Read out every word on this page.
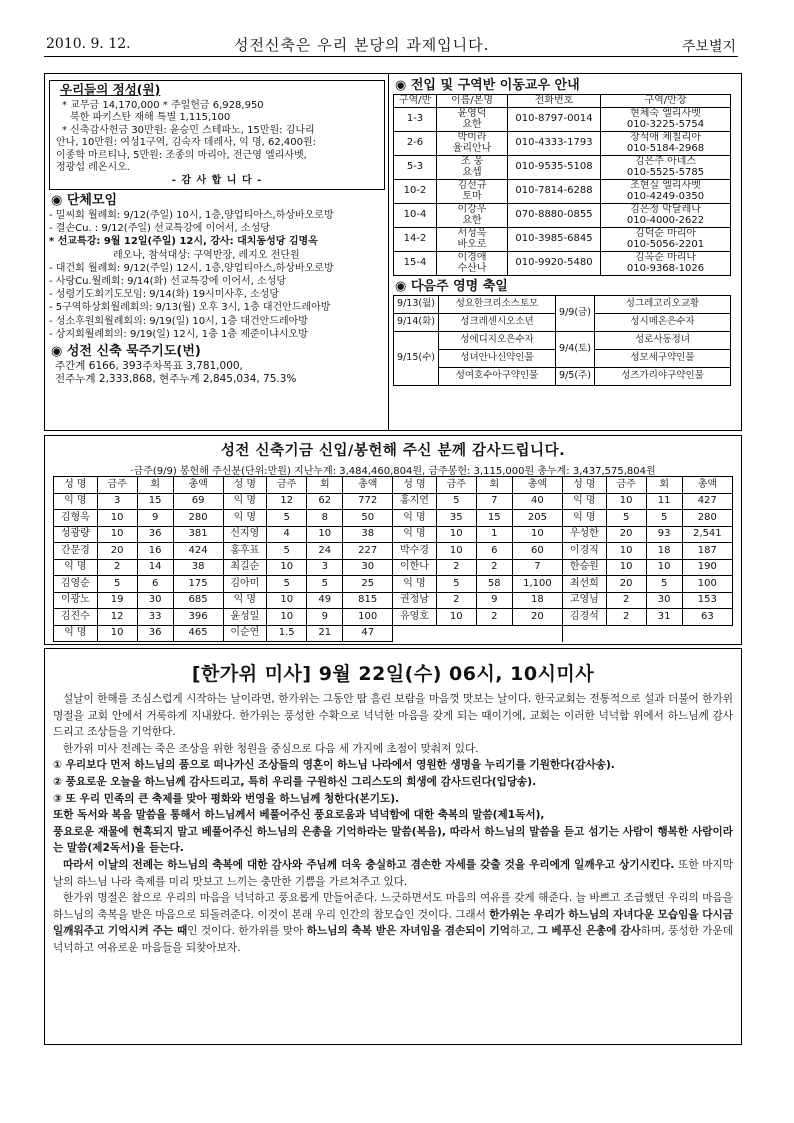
2010. 9. 12.	성전신축은 우리 본당의 과제입니다.	주보별지
우리들의 정성(원)
* 교무금 14,170,000 * 주일헌금 6,928,950
북한 파키스탄 재해 특별 1,115,100
* 신축감사헌금 30만원: 윤승민 스테파노, 15만원: 김나리
안나, 10만원: 여성1구역, 김숙자 데레사, 익 명, 62,400원:
이종학 마르티나, 5만원: 조종의 마리아, 전근영 엘리사벳,
정광섭 레온시오.
- 감 사 합 니 다 -
◉ 단체모임
- 밀씨회 월례회: 9/12(주일) 10시, 1층,양업티아스,하상바오로방
- 결손Cu. : 9/12(주일) 선교특강에 이어서, 소성당
* 선교특강: 9월 12일(주일) 12시, 강사: 대치동성당 김명옥
레오나, 참석대상: 구역반장, 레지오 전단원
- 대건회 월례회: 9/12(주일) 12시, 1층,양업티아스,하상바오로방
- 사랑Cu.월례회: 9/14(화) 선교특강에 이어서, 소성당
- 성령기도회기도모임: 9/14(화) 19시미사후, 소성당
- 5구역하상회월례회의: 9/13(월) 오후 3시, 1층 대건안드레아방
- 성소후원회월례회의: 9/19(일) 10시, 1층 대건안드레아방
- 상지회월례회의: 9/19(일) 12시, 1층 1층 제준이냐시오방
◉ 성전 신축 묵주기도(번)
주간계 6166, 393주차목표 3,781,000,
전주누계 2,333,868, 현주누계 2,845,034, 75.3%
◉ 전입 및 구역반 이동교우 안내
구역/반	이름/본명	전화번호	구역/반장
1-3	윤영덕
요한	010-8797-0014	현체숙 엘리사벳
010-3225-5754
2-6	박미라
율리안나	010-4333-1793	장석애 체칠리아
010-5184-2968
5-3	조 웅
요셉	010-9535-5108	김은주 아네스
010-5525-5785
10-2	김선규
토마	010-7814-6288	조현실 엘리사벳
010-4249-0350
10-4	이강우
요한	070-8880-0855	김은정 막달레나
010-4000-2622
14-2	서성욱
바오로	010-3985-6845	김덕순 마리아
010-5056-2201
15-4	이경애
수산나	010-9920-5480	김옥순 마리나
010-9368-1026
◉ 다음주 영명 축일
9/13(월)	성요한크리소스토모	9/9(금)	성그레고리오교황
9/14(화)	성크레센시오소년		성시메온은수자
9/15(수)	성에디지오은수자	9/4(토)	성로사동정녀
	성녀안나신약인물		성모세구약인물
	성여호수아구약인물	9/5(주)	성즈가리야구약인물
성전 신축기금 신입/봉헌해 주신 분께 감사드립니다.
·금주(9/9) 봉헌해 주신분(단위:만원) 지난누계: 3,484,460,804원, 금주봉헌: 3,115,000원 총누계: 3,437,575,804원
성 명	금주	회	총액	성 명	금주	회	총액	성 명	금주	회	총액	성 명	금주	회	총액
익 명	3	15	69	익 명	12	62	772	홍지연	5	7	40	익 명	10	11	427
김형욱	10	9	280	익 명	5	8	50	익 명	35	15	205	익 명	5	5	280
성광량	10	36	381	신지영	4	10	38	익 명	10	1	10	우성한	20	93	2,541
간문경	20	16	424	홍후표	5	24	227	박수경	10	6	60	이경직	10	18	187
익 명	2	14	38	최길순	10	3	30	이한나	2	2	7	한승원	10	10	190
김영순	5	6	175	김아미	5	5	25	익 명	5	58	1,100	최선희	20	5	100
이광노	19	30	685	익 명	10	49	815	권정남	2	9	18	고영님	2	30	153
김진수	12	33	396	윤성일	10	9	100	유영호	10	2	20	김경석	2	31	63
익 명	10	36	465	이순연	1.5	21	47								
[한가위 미사] 9월 22일(수) 06시, 10시미사

설날이 한해를 조심스럽게 시작하는 날이라면, 한가위는 그동안 땀 흘린 보람을 마음껏 맛보는 날이다. 한국교회는 전통적으로 설과 더불어 한가위 명절을 교회 안에서 거룩하게 지내왔다. 한가위는 풍성한 수확으로 넉넉한 마음을 갖게 되는 때이기에, 교회는 이러한 넉넉함 위에서 하느님께 감사드리고 조상들을 기억한다.

한가위 미사 전례는 죽은 조상을 위한 청원을 중심으로 다음 세 가지에 초점이 맞춰져 있다.

① 우리보다 먼저 하느님의 품으로 떠나가신 조상들의 영혼이 하느님 나라에서 영원한 생명을 누리기를 기원한다(감사송).

② 풍요로운 오늘을 하느님께 감사드리고, 특히 우리를 구원하신 그리스도의 희생에 감사드린다(입당송).

③ 또 우리 민족의 큰 축제를 맞아 평화와 번영을 하느님께 청한다(본기도).

또한 독서와 복음 말씀을 통해서 하느님께서 베풀어주신 풍요로움과 넉넉함에 대한 축복의 말씀(제1독서),

풍요로운 재물에 현혹되지 말고 베풀어주신 하느님의 은총을 기억하라는 말씀(복음), 따라서 하느님의 말씀을 듣고 섬기는 사람이 행복한 사람이라는 말씀(제2독서)을 듣는다.

따라서 이날의 전례는 하느님의 축복에 대한 감사와 주님께 더욱 충실하고 겸손한 자세를 갖출 것을 우리에게 일깨우고 상기시킨다. 또한 마지막 날의 하느님 나라 축제를 미리 맛보고 느끼는 충만한 기쁨을 가르쳐주고 있다.

한가위 명절은 참으로 우리의 마음을 넉넉하고 풍요롭게 만들어준다. 느긋하면서도 마음의 여유를 갖게 해준다. 늘 바쁘고 조급했던 우리의 마음을 하느님의 축복을 받은 마음으로 되돌려준다. 이것이 본래 우리 인간의 참모습인 것이다. 그래서 한가위는 우리가 하느님의 자녀다운 모습임을 다시금 일깨워주고 기억시켜 주는 때인 것이다. 한가위를 맞아 하느님의 축복 받은 자녀임을 겸손되이 기억하고, 그 베푸신 은총에 감사하며, 풍성한 가운데 넉넉하고 여유로운 마음들을 되찾아보자.
